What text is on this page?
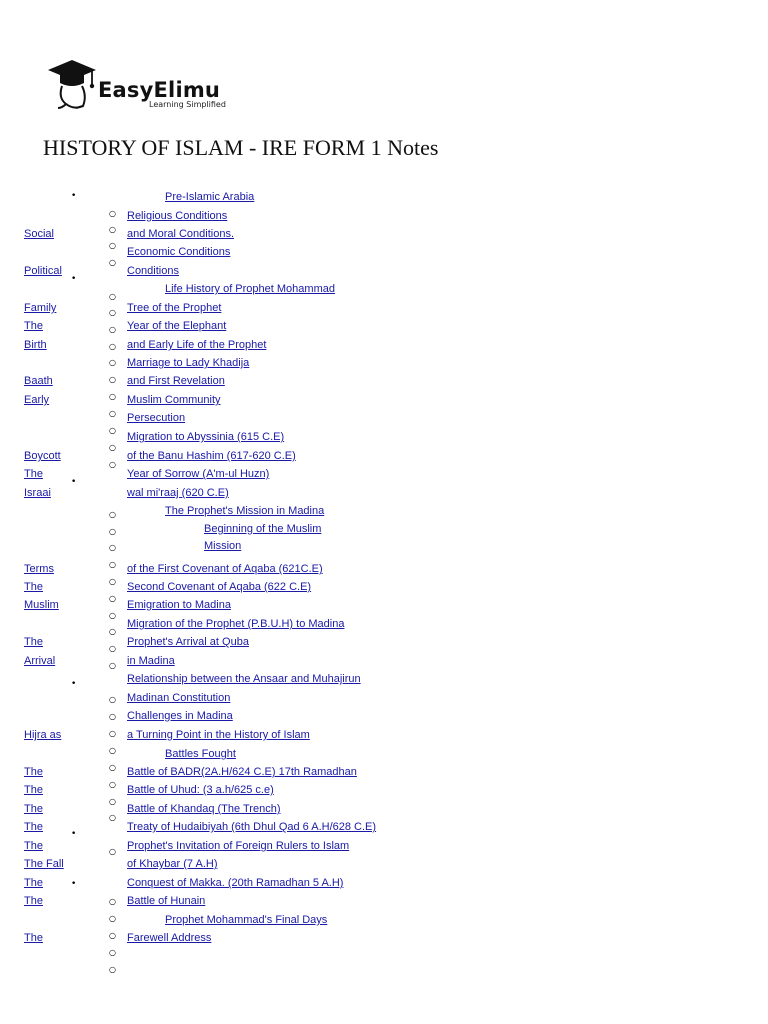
EasyElimu
Learning Simplified
HISTORY OF ISLAM - IRE FORM 1 Notes
Social
Political
Family
The
Birth
Baath
Early
Boycott
The
Israai
Terms
The
Muslim
The
Arrival
Hijra as
The
The
The
The
The
The Fall
The
The
The
Pre-Islamic Arabia
Life History of Prophet Mohammad
The Prophet's Mission in Madina
Beginning of the Muslim
Mission
Battles Fought
Prophet Mohammad's Final Days
Religious Conditions
and Moral Conditions.
Economic Conditions
Conditions
Tree of the Prophet
Year of the Elephant
and Early Life of the Prophet
Marriage to Lady Khadija
and First Revelation
Muslim Community
Persecution
Migration to Abyssinia (615 C.E)
of the Banu Hashim (617-620 C.E)
Year of Sorrow (A'm-ul Huzn)
wal mi'raaj (620 C.E)
of the First Covenant of Aqaba (621C.E)
Second Covenant of Aqaba (622 C.E)
Emigration to Madina
Migration of the Prophet (P.B.U.H) to Madina
Prophet's Arrival at Quba
in Madina
Relationship between the Ansaar and Muhajirun
Madinan Constitution
Challenges in Madina
a Turning Point in the History of Islam
Battle of BADR(2A.H/624 C.E) 17th Ramadhan
Battle of Uhud: (3 a.h/625 c.e)
Battle of Khandaq (The Trench)
Treaty of Hudaibiyah (6th Dhul Qad 6 A.H/628 C.E)
Prophet's Invitation of Foreign Rulers to Islam
of Khaybar (7 A.H)
Conquest of Makka. (20th Ramadhan 5 A.H)
Battle of Hunain
Farewell Address
•
•
•
•
•
•
○
○
○
○
○
○
○
○
○
○
○
○
○
○
○
○
○
○
○
○
○
○
○
○
○
○
○
○
○
○
○
○
○
○
○
○
○
○
○
